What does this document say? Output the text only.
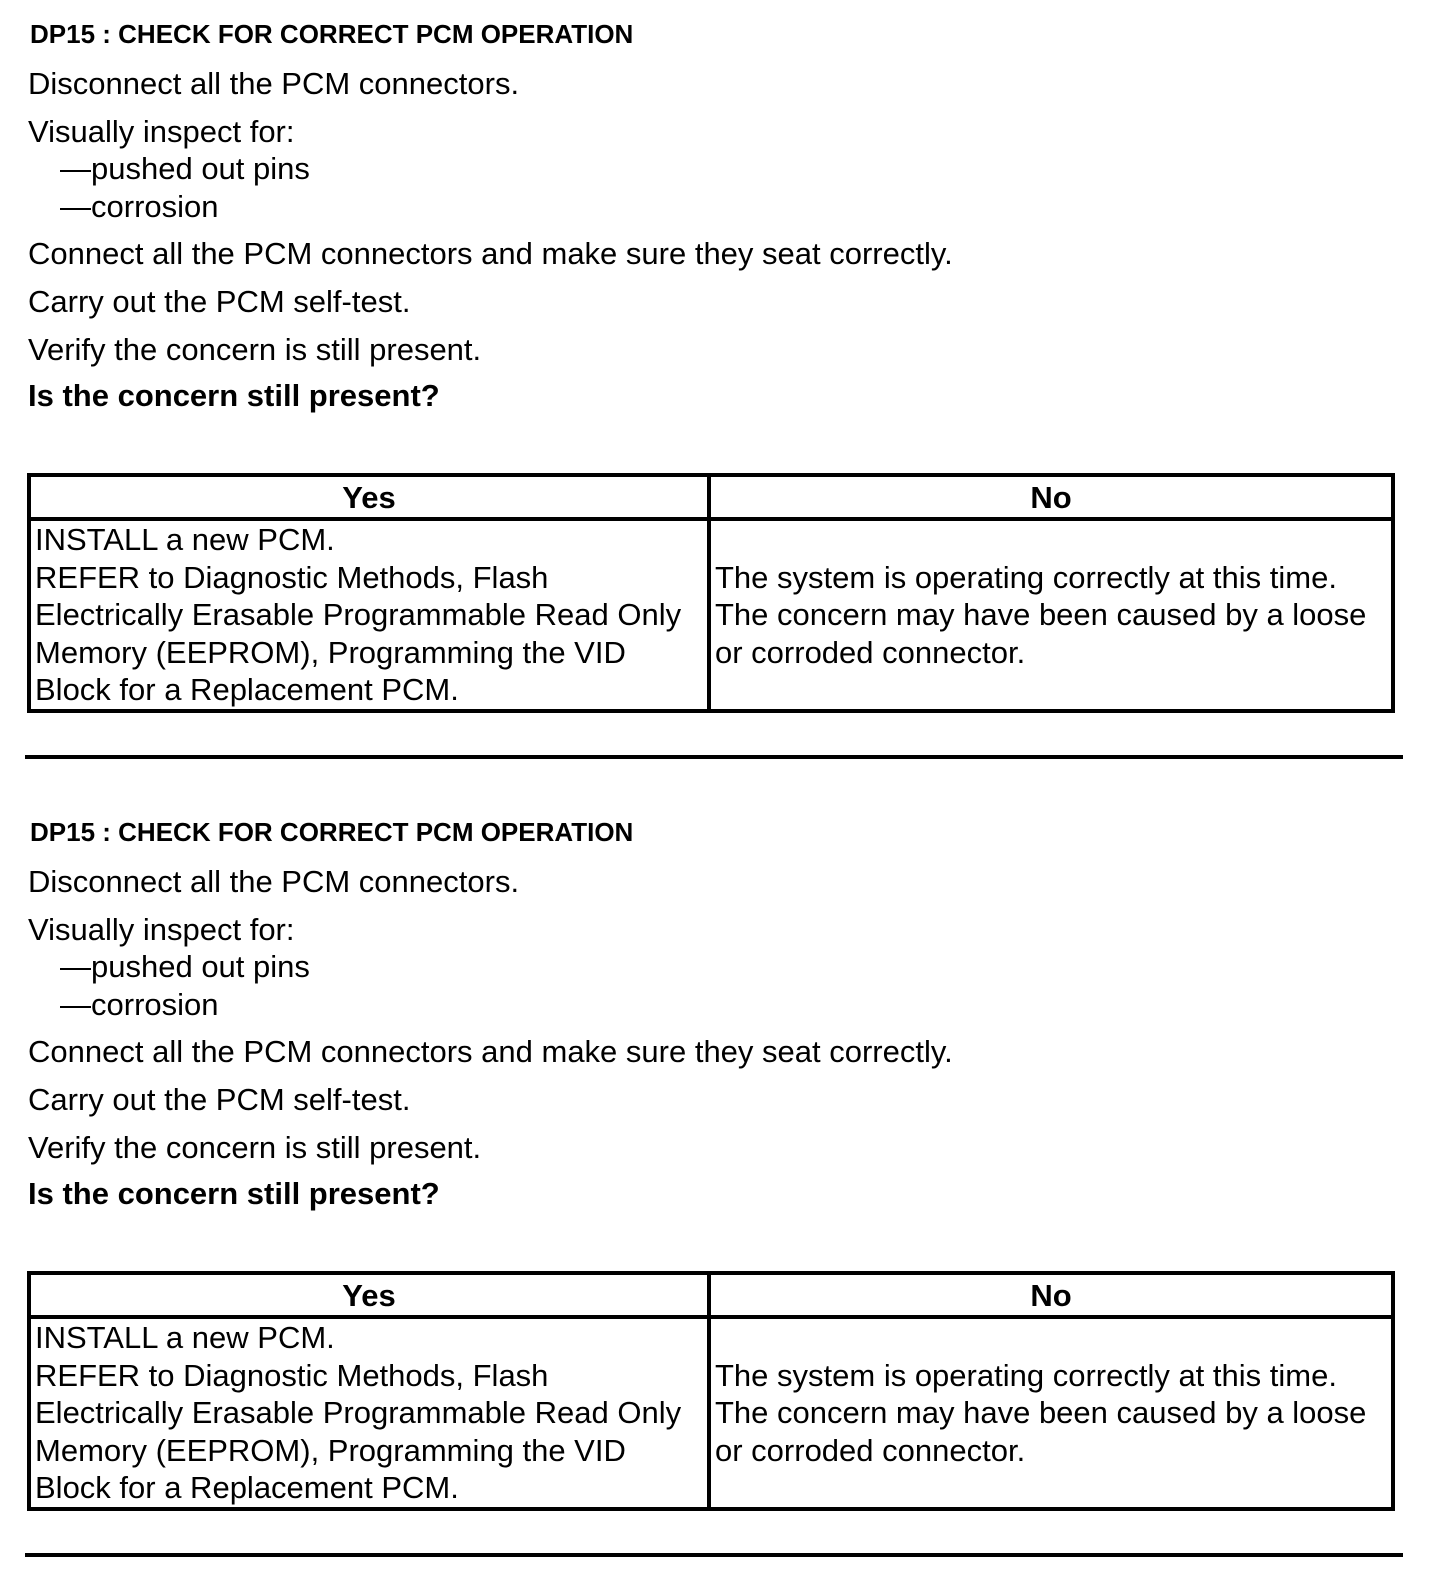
DP15 : CHECK FOR CORRECT PCM OPERATION
Disconnect all the PCM connectors.
Visually inspect for:
—pushed out pins
—corrosion
Connect all the PCM connectors and make sure they seat correctly.
Carry out the PCM self-test.
Verify the concern is still present.
Is the concern still present?
Yes	No
INSTALL a new PCM.
REFER to Diagnostic Methods, Flash Electrically Erasable Programmable Read Only Memory (EEPROM), Programming the VID Block for a Replacement PCM.	The system is operating correctly at this time. The concern may have been caused by a loose or corroded connector.
DP15 : CHECK FOR CORRECT PCM OPERATION
Disconnect all the PCM connectors.
Visually inspect for:
—pushed out pins
—corrosion
Connect all the PCM connectors and make sure they seat correctly.
Carry out the PCM self-test.
Verify the concern is still present.
Is the concern still present?
Yes	No
INSTALL a new PCM.
REFER to Diagnostic Methods, Flash Electrically Erasable Programmable Read Only Memory (EEPROM), Programming the VID Block for a Replacement PCM.	The system is operating correctly at this time. The concern may have been caused by a loose or corroded connector.
